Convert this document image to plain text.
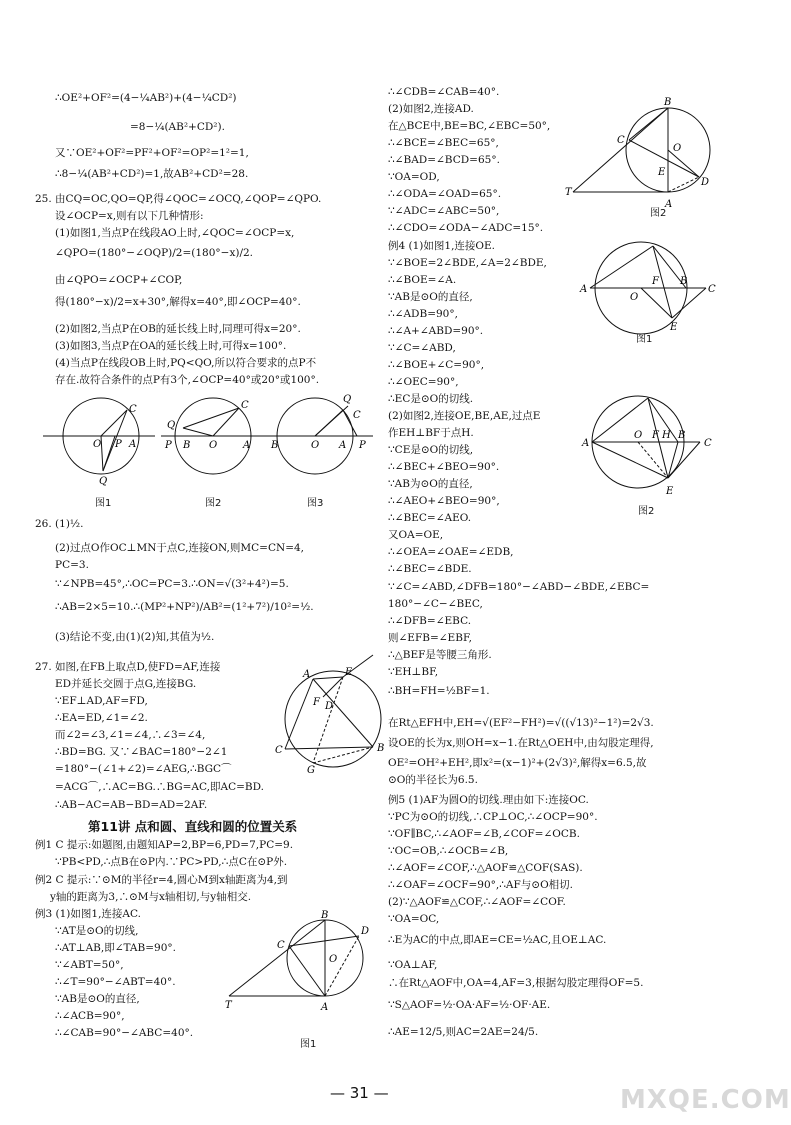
∴OE²+OF²=(4−¼AB²)+(4−¼CD²)
=8−¼(AB²+CD²).
又∵OE²+OF²=PF²+OF²=OP²=1²=1,
∴8−¼(AB²+CD²)=1,故AB²+CD²=28.
25. 由CQ=OC,QO=QP,得∠QOC=∠OCQ,∠QOP=∠QPO.
设∠OCP=x,则有以下几种情形:
(1)如图1,当点P在线段AO上时,∠QOC=∠OCP=x,
∠QPO=(180°−∠OQP)/2=(180°−x)/2.
由∠QPO=∠OCP+∠COP,
得(180°−x)/2=x+30°,解得x=40°,即∠OCP=40°.
(2)如图2,当点P在OB的延长线上时,同理可得x=20°.
(3)如图3,当点P在OA的延长线上时,可得x=100°.
(4)当点P在线段OB上时,PQ<QO,所以符合要求的点P不
存在.故符合条件的点P有3个,∠OCP=40°或20°或100°.
O P A
C
Q
Q
P B O	A
C
B	O A P
Q
C
图1	图2	图3
26. (1)½.
(2)过点O作OC⊥MN于点C,连接ON,则MC=CN=4,
PC=3.
∵∠NPB=45°,∴OC=PC=3.∴ON=√(3²+4²)=5.
∴AB=2×5=10.∴(MP²+NP²)/AB²=(1²+7²)/10²=½.
(3)结论不变,由(1)(2)知,其值为½.
27. 如图,在FB上取点D,使FD=AF,连接
ED并延长交圆于点G,连接BG.
∵EF⊥AD,AF=FD,
∴EA=ED,∠1=∠2.
而∠2=∠3,∠1=∠4,∴∠3=∠4,
∴BD=BG. 又∵∠BAC=180°−2∠1
=180°−(∠1+∠2)=∠AEG,∴BGC⌒
=ACG⌒,∴AC=BG.∴BG=AC,即AC=BD.
∴AB−AC=AB−BD=AD=2AF.
A	E
F D
B
C
G
第11讲 点和圆、直线和圆的位置关系
例1 C 提示:如题图,由题知AP=2,BP=6,PD=7,PC=9.
∵PB<PD,∴点B在⊙P内.∵PC>PD,∴点C在⊙P外.
例2 C 提示:∵⊙M的半径r=4,圆心M到x轴距离为4,到
y轴的距离为3,∴⊙M与x轴相切,与y轴相交.
例3 (1)如图1,连接AC.
∵AT是⊙O的切线,
∴AT⊥AB,即∠TAB=90°.
∵∠ABT=50°,
∴∠T=90°−∠ABT=40°.
∵AB是⊙O的直径,
∴∠ACB=90°,
∴∠CAB=90°−∠ABC=40°.
B
C
D
O
A
T
图1
∴∠CDB=∠CAB=40°.
(2)如图2,连接AD.
在△BCE中,BE=BC,∠EBC=50°,
∴∠BCE=∠BEC=65°,
∴∠BAD=∠BCD=65°.
∵OA=OD,
∴∠ODA=∠OAD=65°.
∵∠ADC=∠ABC=50°,
∴∠CDO=∠ODA−∠ADC=15°.
例4 (1)如图1,连接OE.
∵∠BOE=2∠BDE,∠A=2∠BDE,
∴∠BOE=∠A.
∵AB是⊙O的直径,
∴∠ADB=90°,
∴∠A+∠ABD=90°.
∵∠C=∠ABD,
∴∠BOE+∠C=90°,
∴∠OEC=90°,
∴EC是⊙O的切线.
(2)如图2,连接OE,BE,AE,过点E
作EH⊥BF于点H.
∵CE是⊙O的切线,
∴∠BEC+∠BEO=90°.
∵AB为⊙O的直径,
∴∠AEO+∠BEO=90°,
∴∠BEC=∠AEO.
又OA=OE,
∴∠OEA=∠OAE=∠EDB,
∴∠BEC=∠BDE.
∵∠C=∠ABD,∠DFB=180°−∠ABD−∠BDE,∠EBC=
180°−∠C−∠BEC,
∴∠DFB=∠EBC.
则∠EFB=∠EBF,
∴△BEF是等腰三角形.
∵EH⊥BF,
∴BH=FH=½BF=1.
在Rt△EFH中,EH=√(EF²−FH²)=√((√13)²−1²)=2√3.
设OE的长为x,则OH=x−1.在Rt△OEH中,由勾股定理得,
OE²=OH²+EH²,即x²=(x−1)²+(2√3)²,解得x=6.5,故
⊙O的半径长为6.5.
例5 (1)AF为圆O的切线.理由如下:连接OC.
∵PC为⊙O的切线,∴CP⊥OC,∴∠OCP=90°.
∵OF∥BC,∴∠AOF=∠B,∠COF=∠OCB.
∵OC=OB,∴∠OCB=∠B,
∴∠AOF=∠COF,∴△AOF≌△COF(SAS).
∴∠OAF=∠OCF=90°,∴AF与⊙O相切.
(2)∵△AOF≌△COF,∴∠AOF=∠COF.
∵OA=OC,
∴E为AC的中点,即AE=CE=½AC,且OE⊥AC.
∵OA⊥AF,
∴在Rt△AOF中,OA=4,AF=3,根据勾股定理得OF=5.
∵S△AOF=½·OA·AF=½·OF·AE.
∴AE=12/5,则AC=2AE=24/5.
B
C
O
E
D
A
T
图2
A
O
F B
C
E
图1
A
O F H B
C
E
图2
— 31 —	MXQE.COM
